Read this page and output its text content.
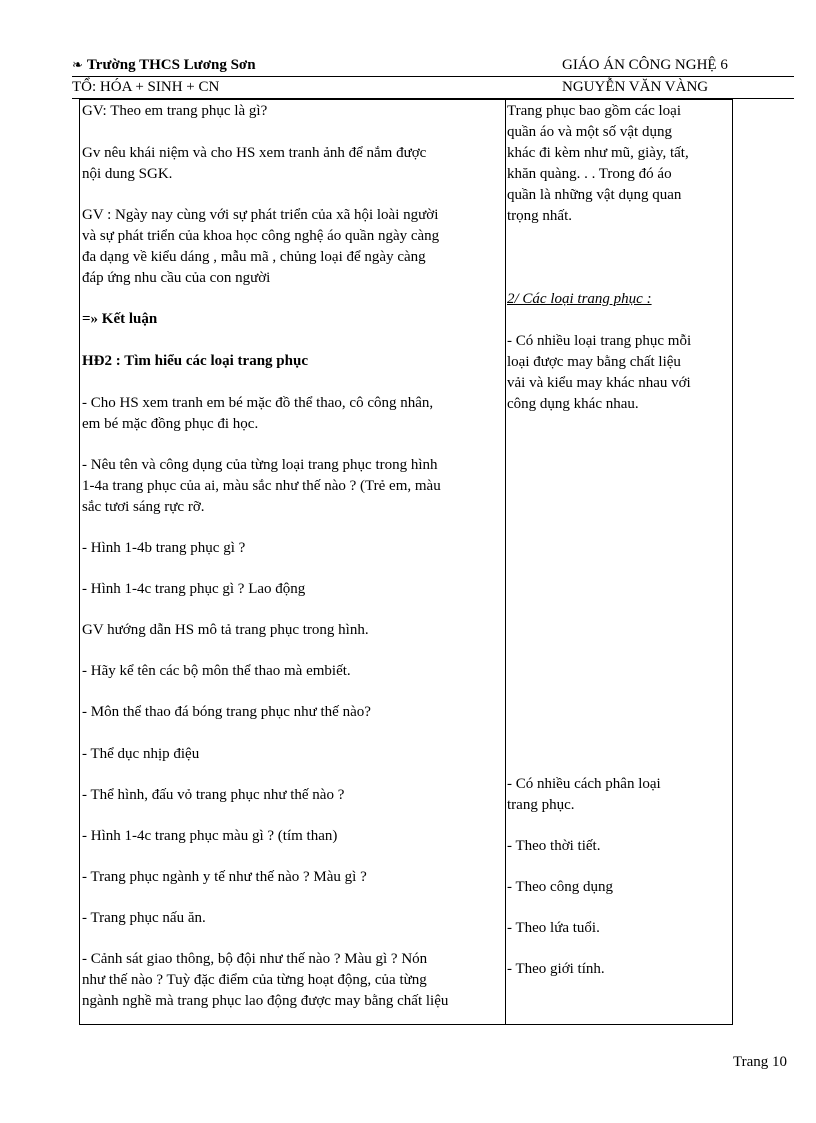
❧ Trường THCS Lương Sơn	GIÁO ÁN CÔNG NGHỆ 6
TỔ: HÓA + SINH + CN	NGUYỄN VĂN VÀNG
GV: Theo em trang phục là gì?
Gv nêu khái niệm và cho HS xem tranh ảnh để nắm được
nội dung SGK.
GV : Ngày nay cùng với sự phát triển của xã hội loài người
và sự phát triển của khoa học công nghệ áo quần ngày càng
đa dạng về kiểu dáng , mẫu mã , chủng loại để ngày càng
đáp ứng nhu cầu của con người
=» Kết luận
HĐ2 : Tìm hiểu các loại trang phục
- Cho HS xem tranh em bé mặc đồ thể thao, cô công nhân,
em bé mặc đồng phục đi học.
- Nêu tên và công dụng của từng loại trang phục trong hình
1-4a trang phục của ai, màu sắc như thế nào ? (Trẻ em, màu
sắc tươi sáng rực rỡ.
- Hình 1-4b trang phục gì ?
- Hình 1-4c trang phục gì ? Lao động
GV hướng dẫn HS mô tả trang phục trong hình.
- Hãy kể tên các bộ môn thể thao mà embiết.
- Môn thể thao đá bóng trang phục như thế nào?
- Thể dục nhịp điệu
- Thể hình, đấu vỏ trang phục như thế nào ?
- Hình 1-4c trang phục màu gì ? (tím than)
- Trang phục ngành y tế như thế nào ? Màu gì ?
- Trang phục nấu ăn.
- Cảnh sát giao thông, bộ đội như thế nào ? Màu gì ? Nón
như thế nào ? Tuỳ đặc điểm của từng hoạt động, của từng
ngành nghề mà trang phục lao động được may bằng chất liệu
Trang phục bao gồm các loại
quần áo và một số vật dụng
khác đi kèm như mũ, giày, tất,
khăn quàng. . . Trong đó áo
quần là những vật dụng quan
trọng nhất.
2/ Các loại trang phục :
- Có nhiều loại trang phục mỗi
loại được may bằng chất liệu
vải và kiểu may khác nhau với
công dụng khác nhau.
- Có nhiều cách phân loại
trang phục.
- Theo thời tiết.
- Theo công dụng
- Theo lứa tuổi.
- Theo giới tính.
Trang 10
